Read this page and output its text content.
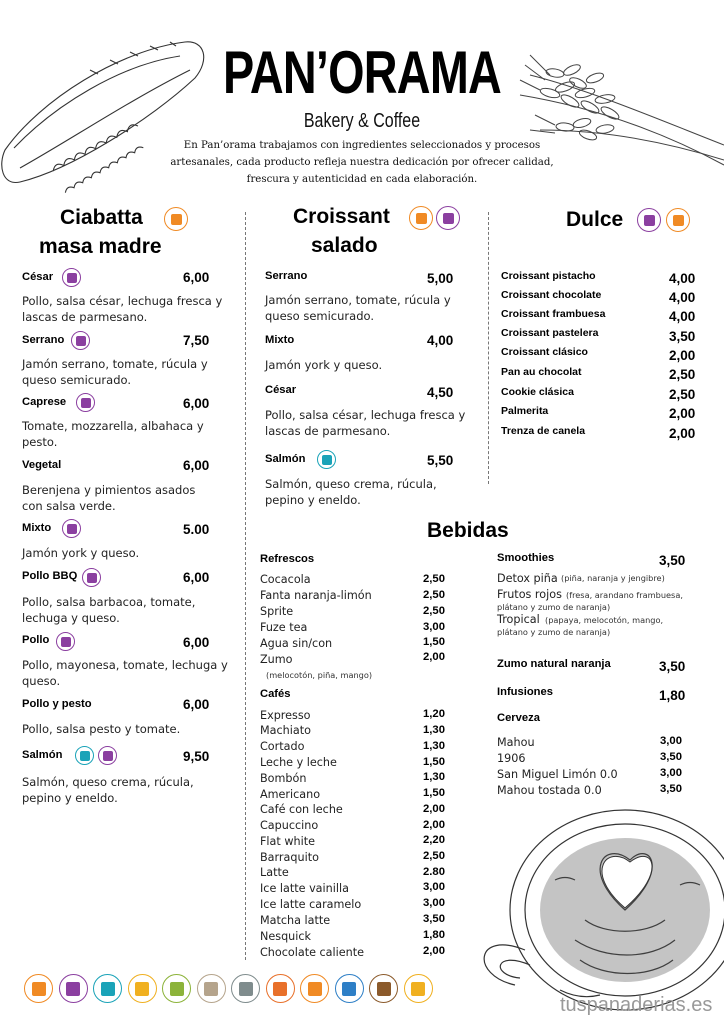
PAN’ORAMA
Bakery & Coffee
En Pan’orama trabajamos con ingredientes seleccionados y procesos artesanales, cada producto refleja nuestra dedicación por ofrecer calidad, frescura y autenticidad en cada elaboración.
Ciabatta
masa madre
César	6,00
Pollo, salsa césar, lechuga fresca y lascas de parmesano.
Serrano	7,50
Jamón serrano, tomate, rúcula y queso semicurado.
Caprese	6,00
Tomate, mozzarella, albahaca y pesto.
Vegetal	6,00
Berenjena y pimientos asados con salsa verde.
Mixto	5.00
Jamón york y queso.
Pollo BBQ	6,00
Pollo, salsa barbacoa, tomate, lechuga y queso.
Pollo	6,00
Pollo, mayonesa, tomate, lechuga y queso.
Pollo y pesto	6,00
Pollo, salsa pesto y tomate.
Salmón	9,50
Salmón, queso crema, rúcula, pepino y eneldo.
Croissant
salado
Serrano	5,00
Jamón serrano, tomate, rúcula y queso semicurado.
Mixto	4,00
Jamón york y queso.
César	4,50
Pollo, salsa césar, lechuga fresca y lascas de parmesano.
Salmón	5,50
Salmón, queso crema, rúcula, pepino y eneldo.
Dulce
Croissant pistacho	4,00
Croissant chocolate	4,00
Croissant frambuesa	4,00
Croissant pastelera	3,50
Croissant clásico	2,00
Pan au chocolat	2,50
Cookie clásica	2,50
Palmerita	2,00
Trenza de canela	2,00
Bebidas
Refrescos
Cocacola	2,50
Fanta naranja-limón	2,50
Sprite	2,50
Fuze tea	3,00
Agua sin/con	1,50
Zumo	2,00
(melocotón, piña, mango)
Cafés
Expresso	1,20
Machiato	1,30
Cortado	1,30
Leche y leche	1,50
Bombón	1,30
Americano	1,50
Café con leche	2,00
Capuccino	2,00
Flat white	2,20
Barraquito	2,50
Latte	2.80
Ice latte vainilla	3,00
Ice latte caramelo	3,00
Matcha latte	3,50
Nesquick	1,80
Chocolate caliente	2,00
Smoothies	3,50
Detox piña (piña, naranja y jengibre)
Frutos rojos (fresa, arandano frambuesa,
plátano y zumo de naranja)
Tropical (papaya, melocotón, mango,
plátano y zumo de naranja)
Zumo natural naranja	3,50
Infusiones	1,80
Cerveza
Mahou	3,00
1906	3,50
San Miguel Limón 0.0	3,00
Mahou tostada 0.0	3,50
tuspanaderias.es
